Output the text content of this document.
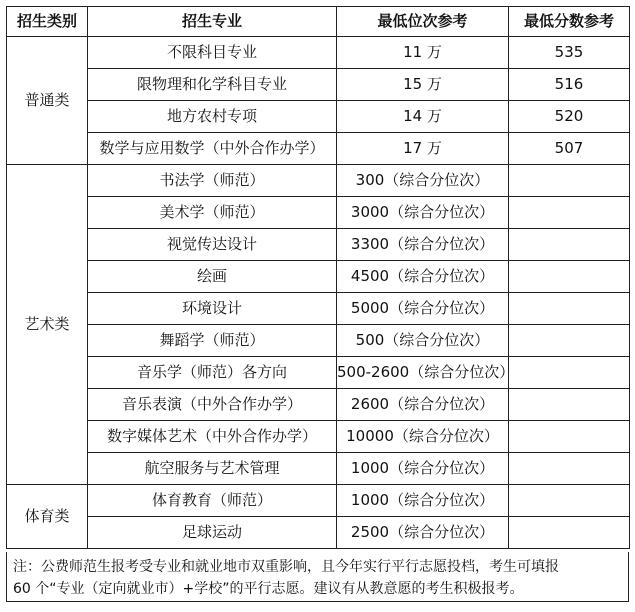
招生类别	招生专业	最低位次参考	最低分数参考
普通类	不限科目专业	11 万	535
	限物理和化学科目专业	15 万	516
	地方农村专项	14 万	520
	数学与应用数学（中外合作办学）	17 万	507
艺术类	书法学（师范）	300（综合分位次）	
	美术学（师范）	3000（综合分位次）	
	视觉传达设计	3300（综合分位次）	
	绘画	4500（综合分位次）	
	环境设计	5000（综合分位次）	
	舞蹈学（师范）	500（综合分位次）	
	音乐学（师范）各方向	500-2600（综合分位次）	
	音乐表演（中外合作办学）	2600（综合分位次）	
	数字媒体艺术（中外合作办学）	10000（综合分位次）	
	航空服务与艺术管理	1000（综合分位次）	
体育类	体育教育（师范）	1000（综合分位次）	
	足球运动	2500（综合分位次）	
注：公费师范生报考受专业和就业地市双重影响，且今年实行平行志愿投档，考生可填报
60 个“专业（定向就业市）+学校”的平行志愿。建议有从教意愿的考生积极报考。
